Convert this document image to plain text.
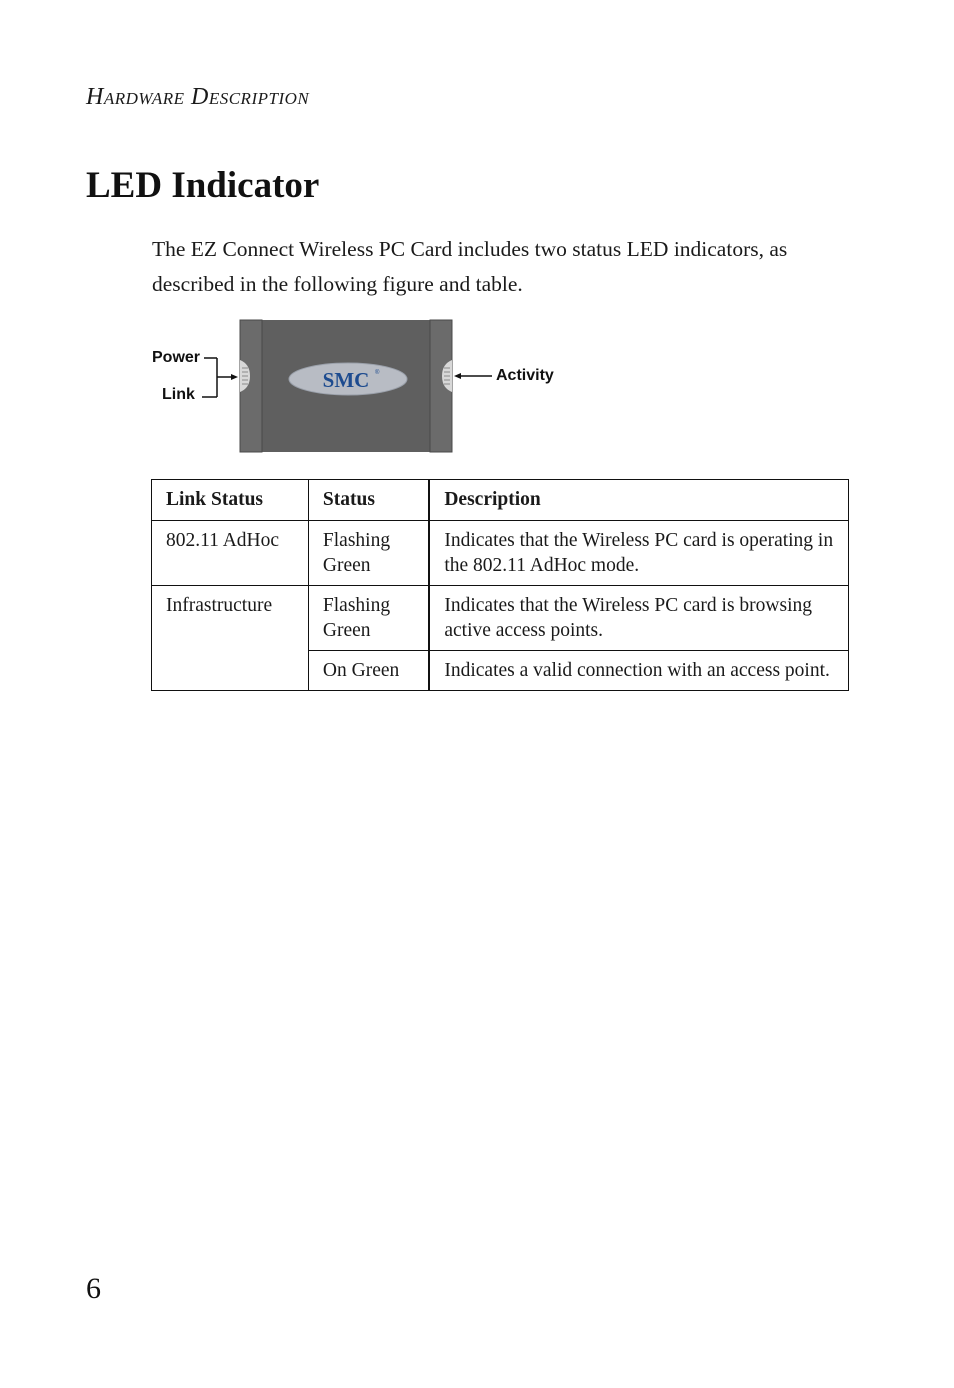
Hardware Description
LED Indicator

The EZ Connect Wireless PC Card includes two status LED indicators, as described in the following figure and table.

SMC ®
Power
Link
Activity
Link Status	Status	Description
802.11 AdHoc	Flashing Green	Indicates that the Wireless PC card is operating in the 802.11 AdHoc mode.
Infrastructure	Flashing Green	Indicates that the Wireless PC card is browsing active access points.
	On Green	Indicates a valid connection with an access point.
6
